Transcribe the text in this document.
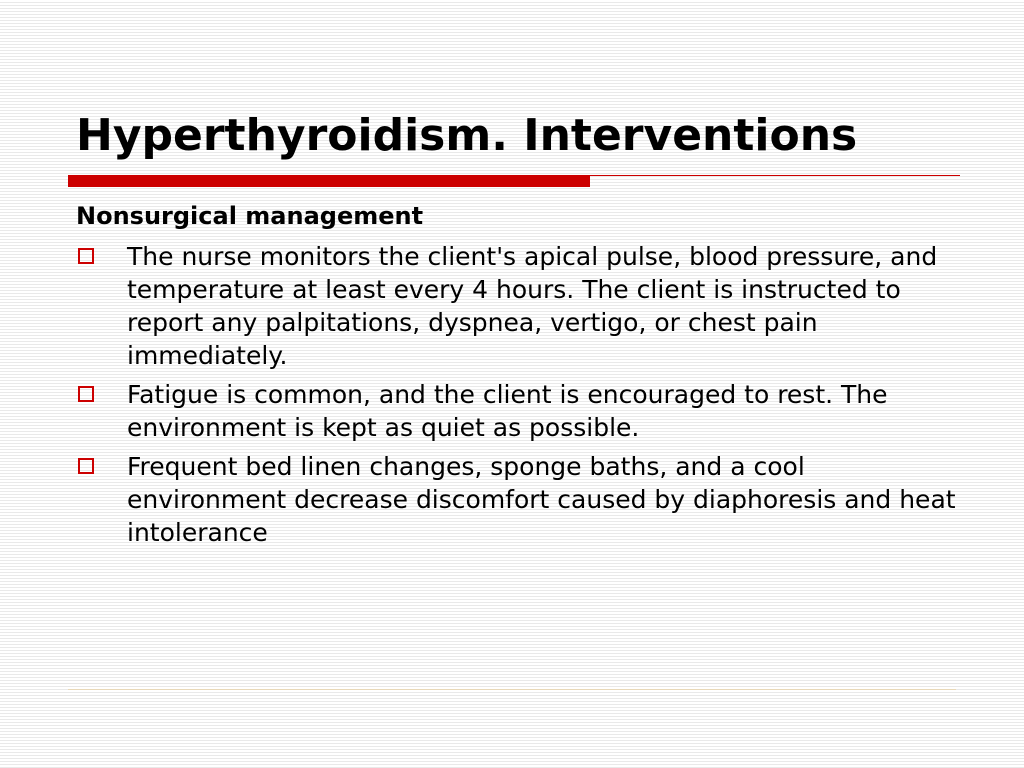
Hyperthyroidism. Interventions

Nonsurgical management

The nurse monitors the client's apical pulse, blood pressure, and temperature at least every 4 hours. The client is instructed to report any palpitations, dyspnea, vertigo, or chest pain immediately.
Fatigue is common, and the client is encouraged to rest. The environment is kept as quiet as possible.
Frequent bed linen changes, sponge baths, and a cool environment decrease discomfort caused by diaphoresis and heat intolerance
